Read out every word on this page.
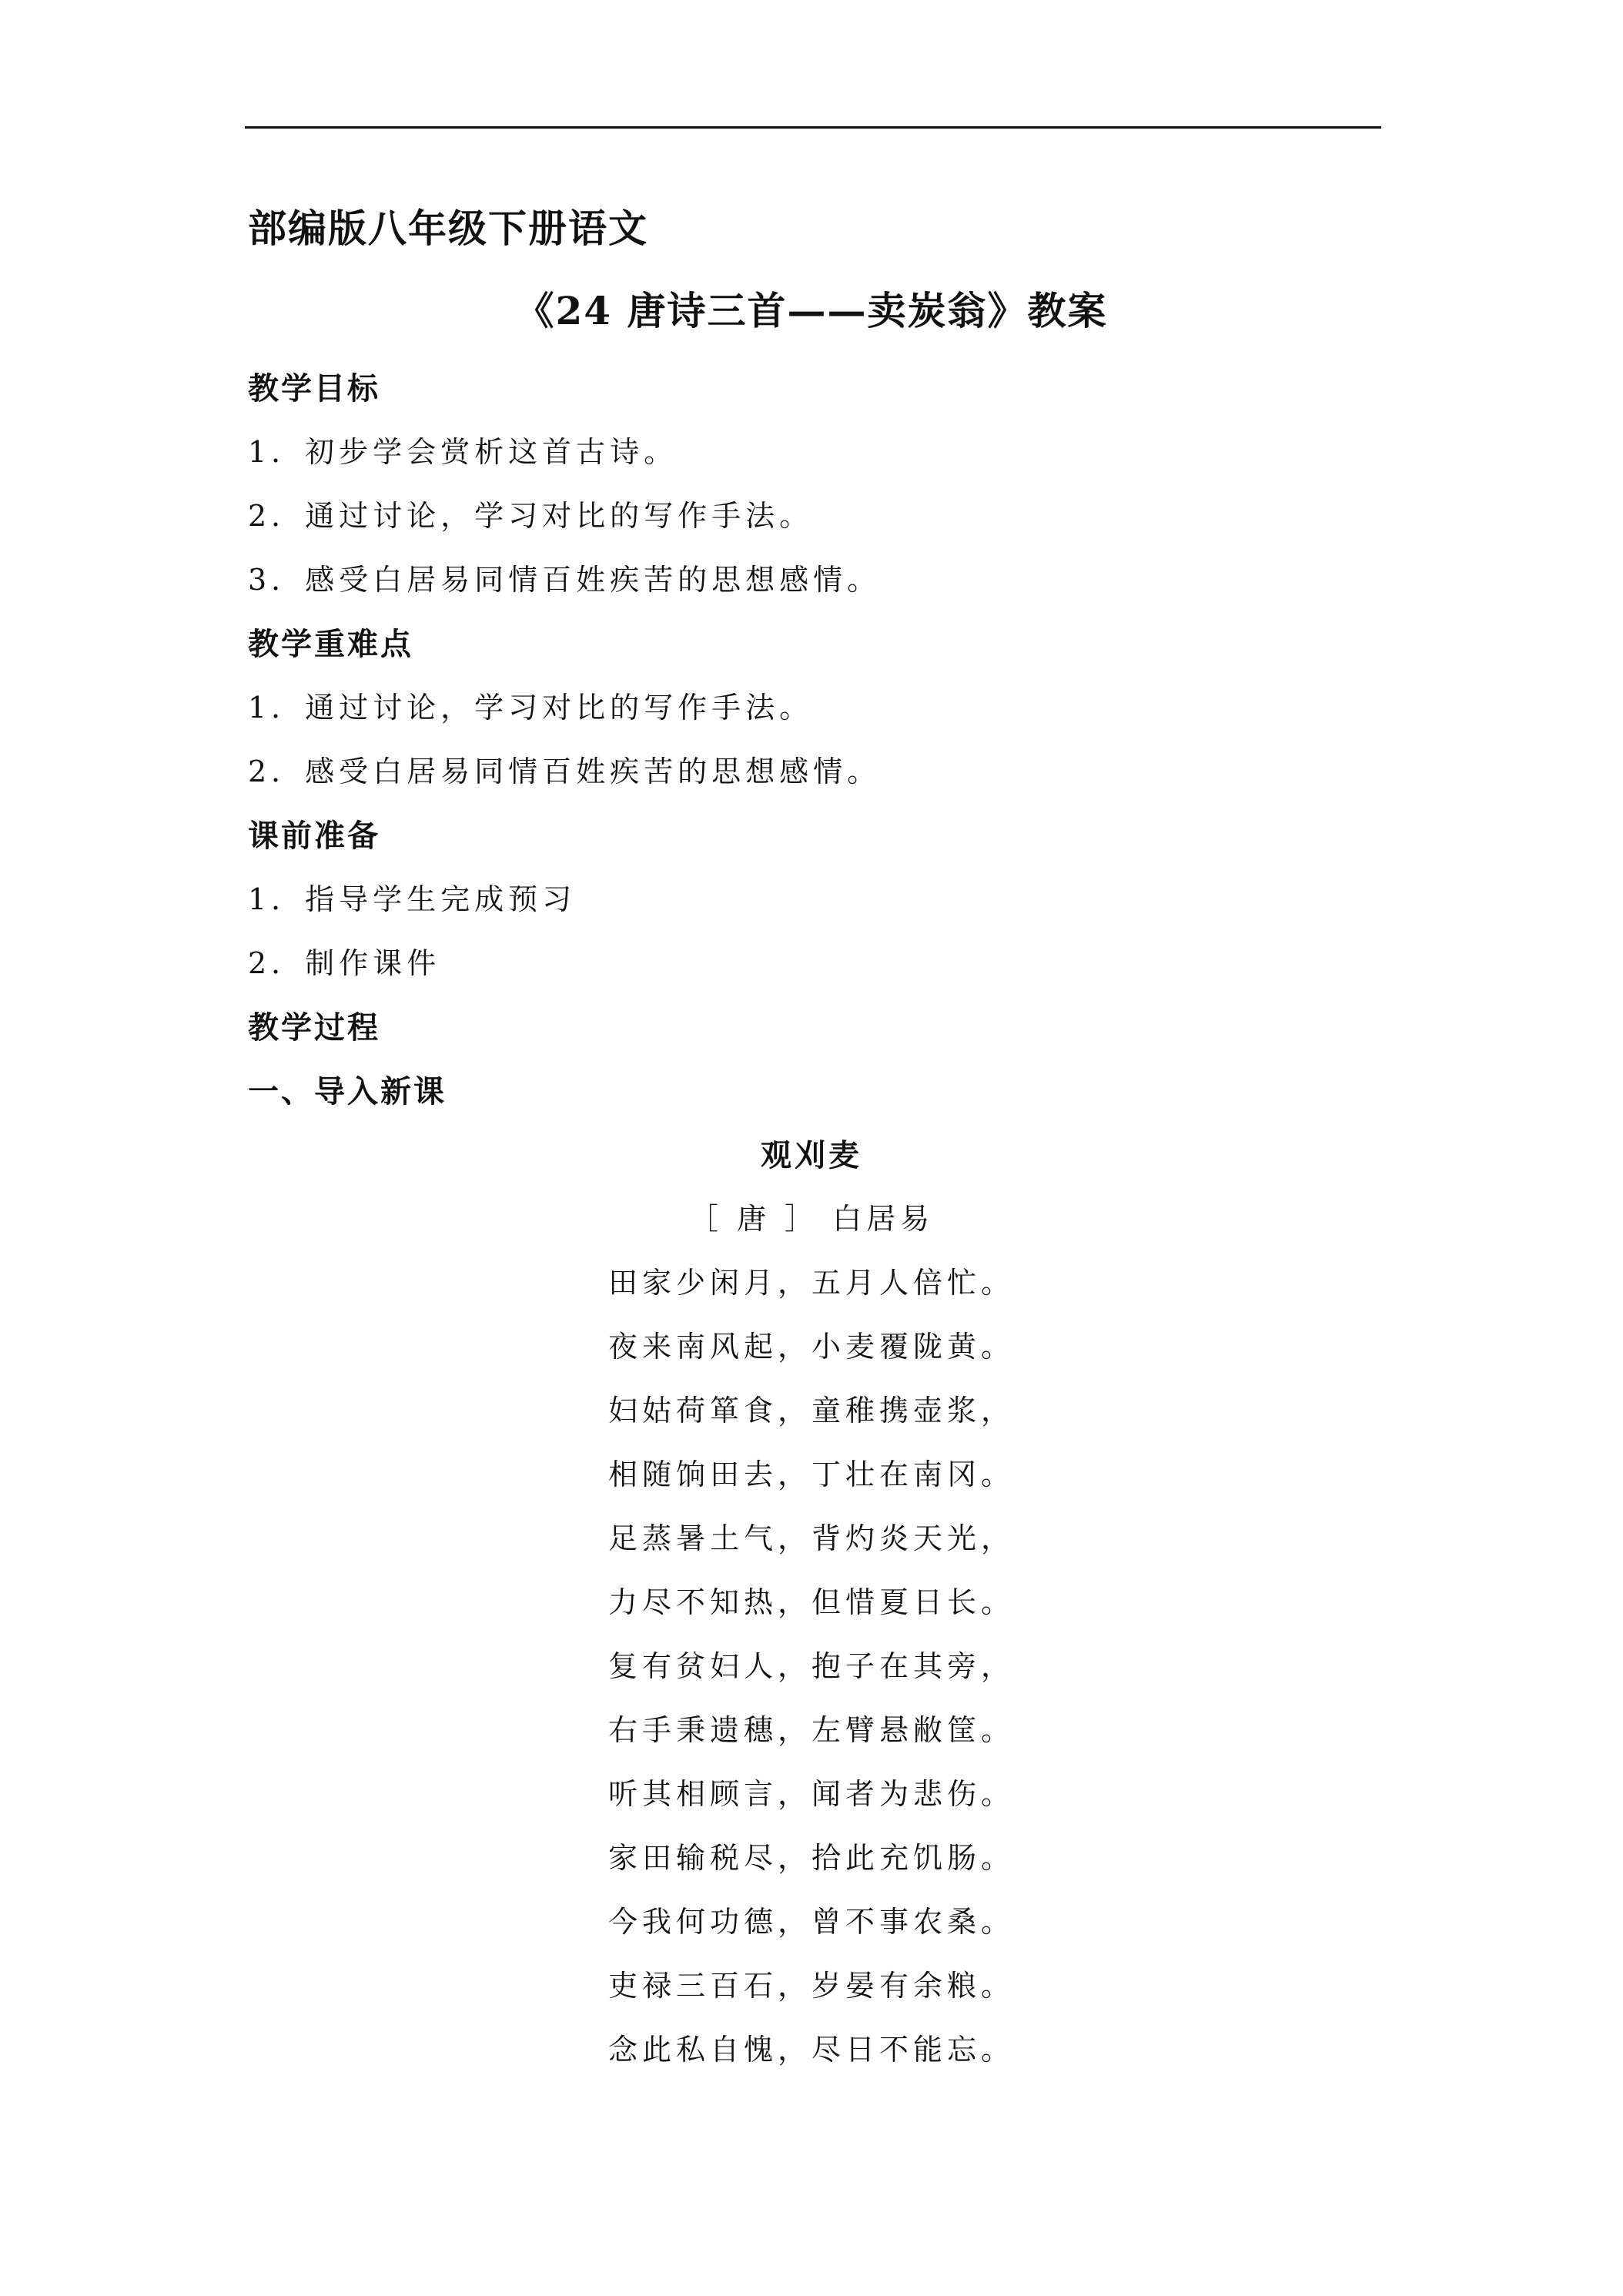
部编版八年级下册语文
《24 唐诗三首——卖炭翁》教案
教学目标
1．初步学会赏析这首古诗。
2．通过讨论，学习对比的写作手法。
3．感受白居易同情百姓疾苦的思想感情。
教学重难点
1．通过讨论，学习对比的写作手法。
2．感受白居易同情百姓疾苦的思想感情。
课前准备
1．指导学生完成预习
2．制作课件
教学过程
一、导入新课
观刈麦
［ 唐 ］ 白居易
田家少闲月，五月人倍忙。
夜来南风起，小麦覆陇黄。
妇姑荷箪食，童稚携壶浆，
相随饷田去，丁壮在南冈。
足蒸暑土气，背灼炎天光，
力尽不知热，但惜夏日长。
复有贫妇人，抱子在其旁，
右手秉遗穗，左臂悬敝筐。
听其相顾言，闻者为悲伤。
家田输税尽，拾此充饥肠。
今我何功德，曾不事农桑。
吏禄三百石，岁晏有余粮。
念此私自愧，尽日不能忘。
